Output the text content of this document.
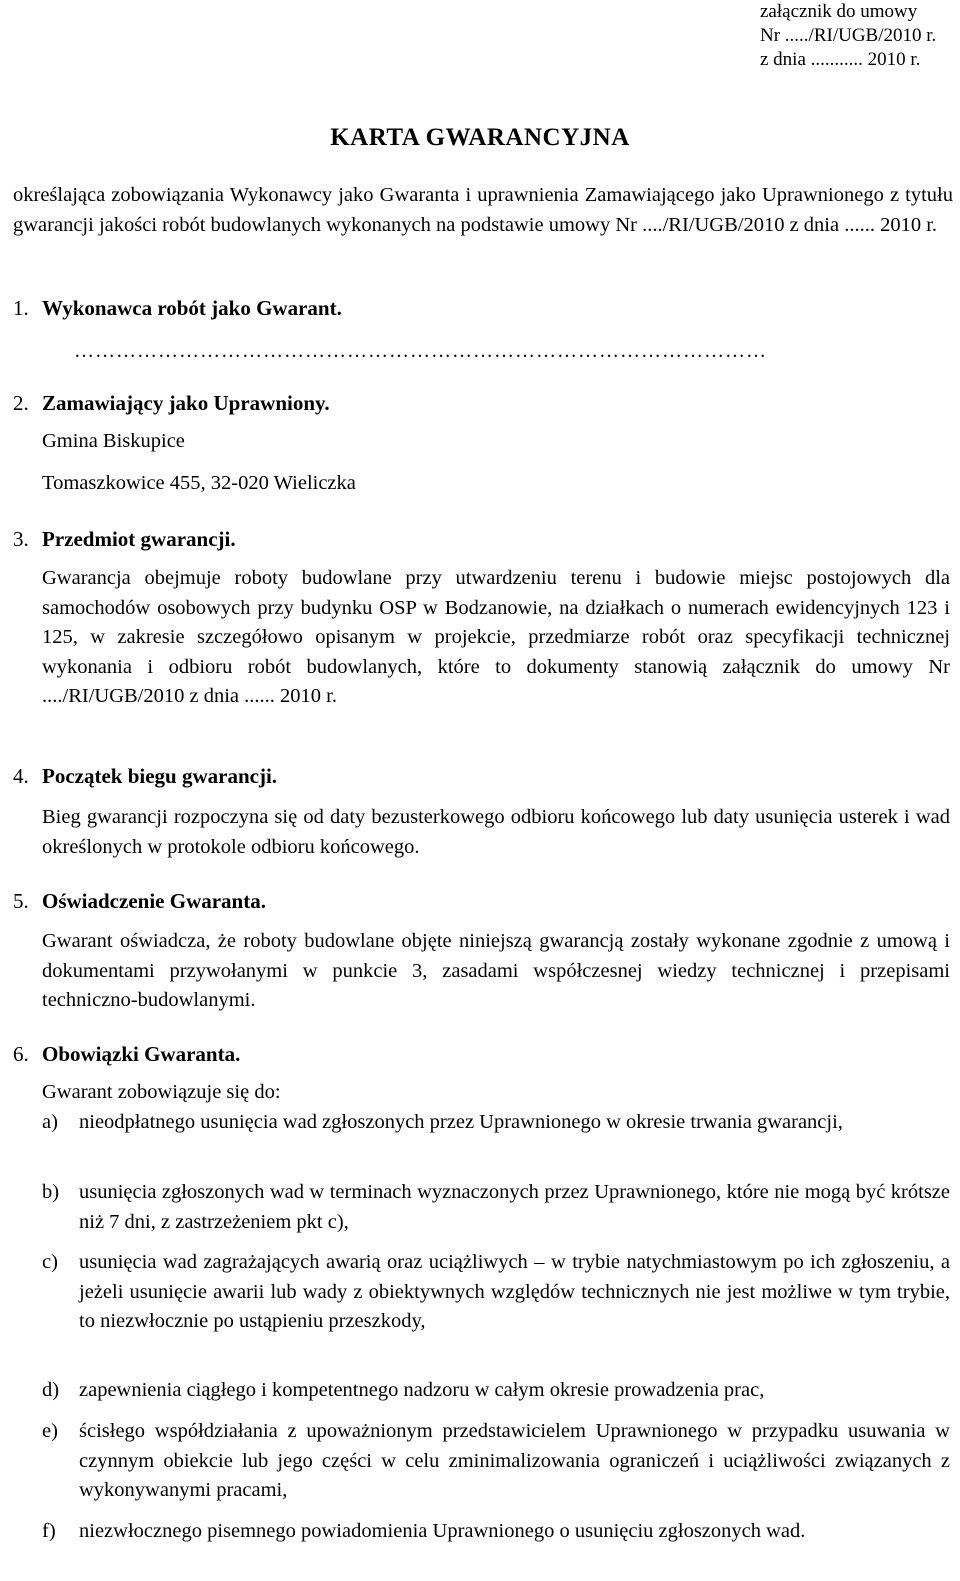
załącznik do umowy
Nr ...../RI/UGB/2010 r.
z dnia ........... 2010 r.
KARTA GWARANCYJNA
określająca zobowiązania Wykonawcy jako Gwaranta i uprawnienia Zamawiającego jako Uprawnionego z tytułu gwarancji jakości robót budowlanych wykonanych na podstawie umowy Nr ..../RI/UGB/2010 z dnia ...... 2010 r.
1. Wykonawca robót jako Gwarant.
………………………………………………………………………………………
2. Zamawiający jako Uprawniony.
Gmina Biskupice
Tomaszkowice 455, 32-020 Wieliczka
3. Przedmiot gwarancji.
Gwarancja obejmuje roboty budowlane przy utwardzeniu terenu i budowie miejsc postojowych dla samochodów osobowych przy budynku OSP w Bodzanowie, na działkach o numerach ewidencyjnych 123 i 125, w zakresie szczegółowo opisanym w projekcie, przedmiarze robót oraz specyfikacji technicznej wykonania i odbioru robót budowlanych, które to dokumenty stanowią załącznik do umowy Nr ..../RI/UGB/2010 z dnia ...... 2010 r.
4. Początek biegu gwarancji.
Bieg gwarancji rozpoczyna się od daty bezusterkowego odbioru końcowego lub daty usunięcia usterek i wad określonych w protokole odbioru końcowego.
5. Oświadczenie Gwaranta.
Gwarant oświadcza, że roboty budowlane objęte niniejszą gwarancją zostały wykonane zgodnie z umową i dokumentami przywołanymi w punkcie 3, zasadami współczesnej wiedzy technicznej i przepisami techniczno-budowlanymi.
6. Obowiązki Gwaranta.
Gwarant zobowiązuje się do:
a) nieodpłatnego usunięcia wad zgłoszonych przez Uprawnionego w okresie trwania gwarancji,
b) usunięcia zgłoszonych wad w terminach wyznaczonych przez Uprawnionego, które nie mogą być krótsze niż 7 dni, z zastrzeżeniem pkt c),
c) usunięcia wad zagrażających awarią oraz uciążliwych – w trybie natychmiastowym po ich zgłoszeniu, a jeżeli usunięcie awarii lub wady z obiektywnych względów technicznych nie jest możliwe w tym trybie, to niezwłocznie po ustąpieniu przeszkody,
d) zapewnienia ciągłego i kompetentnego nadzoru w całym okresie prowadzenia prac,
e) ścisłego współdziałania z upoważnionym przedstawicielem Uprawnionego w przypadku usuwania w czynnym obiekcie lub jego części w celu zminimalizowania ograniczeń i uciążliwości związanych z wykonywanymi pracami,
f) niezwłocznego pisemnego powiadomienia Uprawnionego o usunięciu zgłoszonych wad.
